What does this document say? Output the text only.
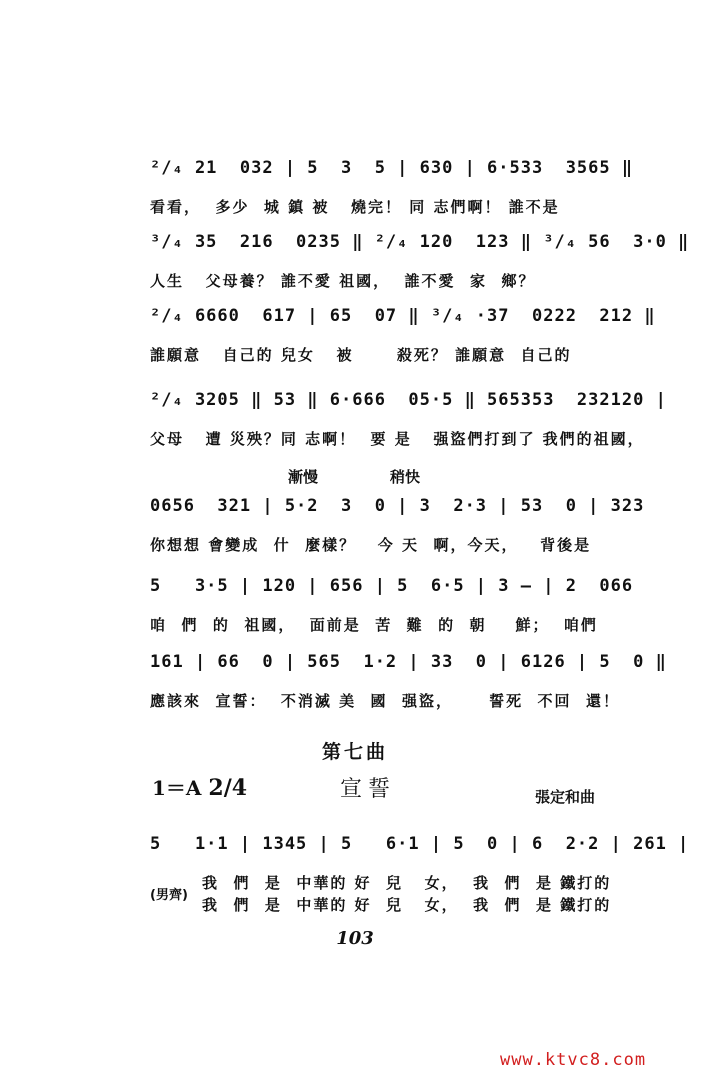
²/₄ 21  032 | 5  3  5 | 630 | 6·533  3565 ‖
看看，  多少  城 鎮 被   燒完！ 同 志們啊！ 誰不是
³/₄ 35  216  0235 ‖ ²/₄ 120  123 ‖ ³/₄ 56  3·0 ‖
人生   父母養？ 誰不愛 祖國，  誰不愛  家  鄉？
²/₄ 6660  617 | 65  07 ‖ ³/₄ ·37  0222  212 ‖
誰願意   自己的 兒女   被      殺死？ 誰願意  自己的
²/₄ 3205 ‖ 53 ‖ 6·666  05·5 ‖ 565353  232120 |
父母   遭 災殃？同 志啊！  要 是   强盜們打到了 我們的祖國，
漸慢	稍快
0656  321 | 5·2  3  0 | 3  2·3 | 53  0 | 323
你想想 會變成  什  麼樣？   今 天  啊，今天，   背後是
5   3·5 | 120 | 656 | 5  6·5 | 3 — | 2  066
咱  們  的  祖國，  面前是  苦  難  的  朝    鮮；  咱們
161 | 66  0 | 565  1·2 | 33  0 | 6126 | 5  0 ‖
應該來  宣誓：  不消滅 美  國  强盜，     誓死  不回  還！
第七曲
1＝A 2/4	宣誓	張定和曲
5   1·1 | 1345 | 5   6·1 | 5  0 | 6  2·2 | 261 |
我  們  是  中華的 好  兒   女，  我  們  是 鐵打的
我  們  是  中華的 好  兒   女，  我  們  是 鐵打的
(男齊)
103
www.ktvc8.com
